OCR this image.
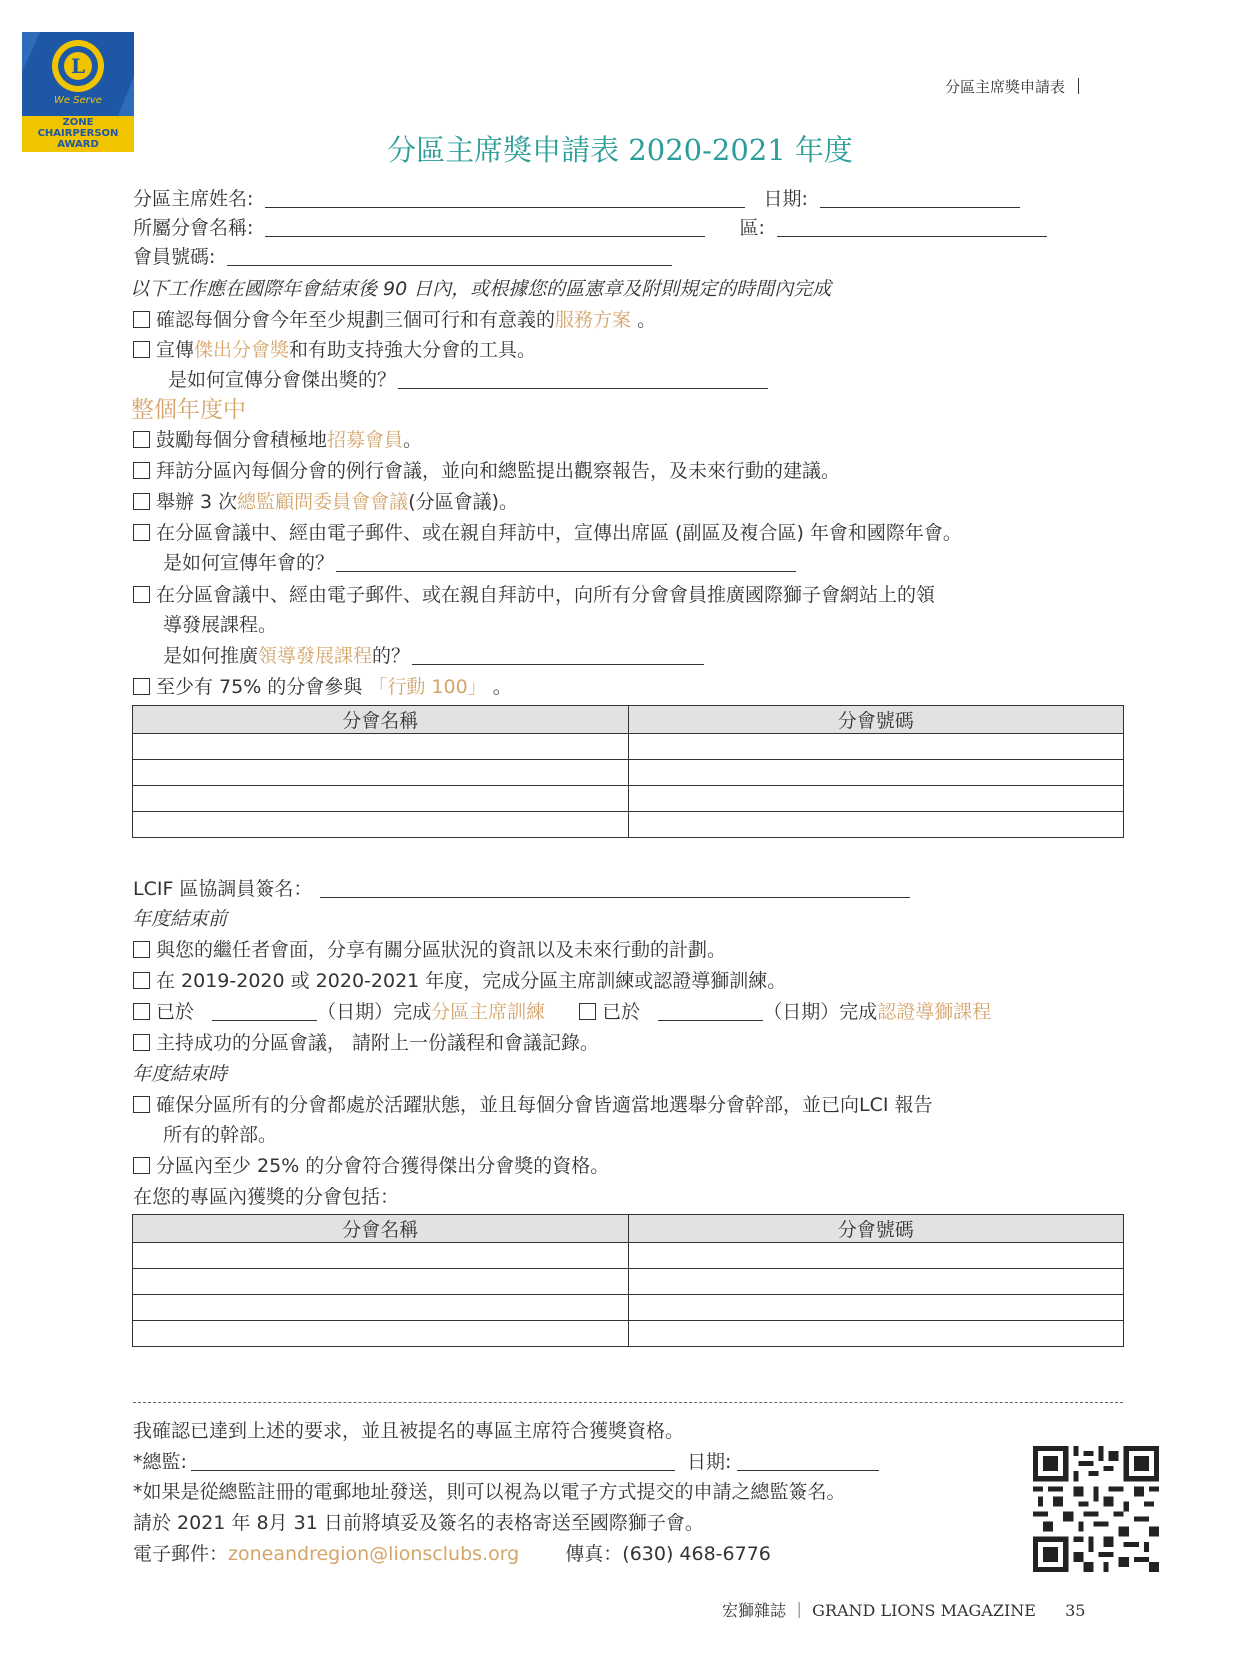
L
LIONS
We Serve
ZONE
CHAIRPERSON
AWARD
分區主席獎申請表
分區主席獎申請表 2020-2021 年度
分區主席姓名:	日期:
所屬分會名稱:	區:
會員號碼:
以下工作應在國際年會結束後 90 日內，或根據您的區憲章及附則規定的時間內完成
確認每個分會今年至少規劃三個可行和有意義的服務方案 。
宣傳傑出分會獎和有助支持強大分會的工具。
是如何宣傳分會傑出獎的？
整個年度中
鼓勵每個分會積極地招募會員。
拜訪分區內每個分會的例行會議，並向和總監提出觀察報告，及未來行動的建議。
舉辦 3 次總監顧問委員會會議(分區會議)。
在分區會議中、經由電子郵件、或在親自拜訪中，宣傳出席區 (副區及複合區) 年會和國際年會。
是如何宣傳年會的？
在分區會議中、經由電子郵件、或在親自拜訪中，向所有分會會員推廣國際獅子會網站上的領
導發展課程。
是如何推廣領導發展課程的？
至少有 75% 的分會參與 「行動 100」 。
分會名稱	分會號碼

LCIF 區協調員簽名：
年度結束前
與您的繼任者會面，分享有關分區狀況的資訊以及未來行動的計劃。
在 2019-2020 或 2020-2021 年度，完成分區主席訓練或認證導獅訓練。
已於	（日期）完成分區主席訓練	已於	（日期）完成認證導獅課程
主持成功的分區會議， 請附上一份議程和會議記錄。
年度結束時
確保分區所有的分會都處於活躍狀態，並且每個分會皆適當地選舉分會幹部，並已向LCI 報告
所有的幹部。
分區內至少 25% 的分會符合獲得傑出分會獎的資格。
在您的專區內獲獎的分會包括：
分會名稱	分會號碼

我確認已達到上述的要求，並且被提名的專區主席符合獲獎資格。
*總監:	日期:
*如果是從總監註冊的電郵地址發送，則可以視為以電子方式提交的申請之總監簽名。
請於 2021 年 8月 31 日前將填妥及簽名的表格寄送至國際獅子會。
電子郵件：zoneandregion@lionsclubs.org 傳真：(630) 468-6776
宏獅雜誌 ｜ GRAND LIONS MAGAZINE 35
